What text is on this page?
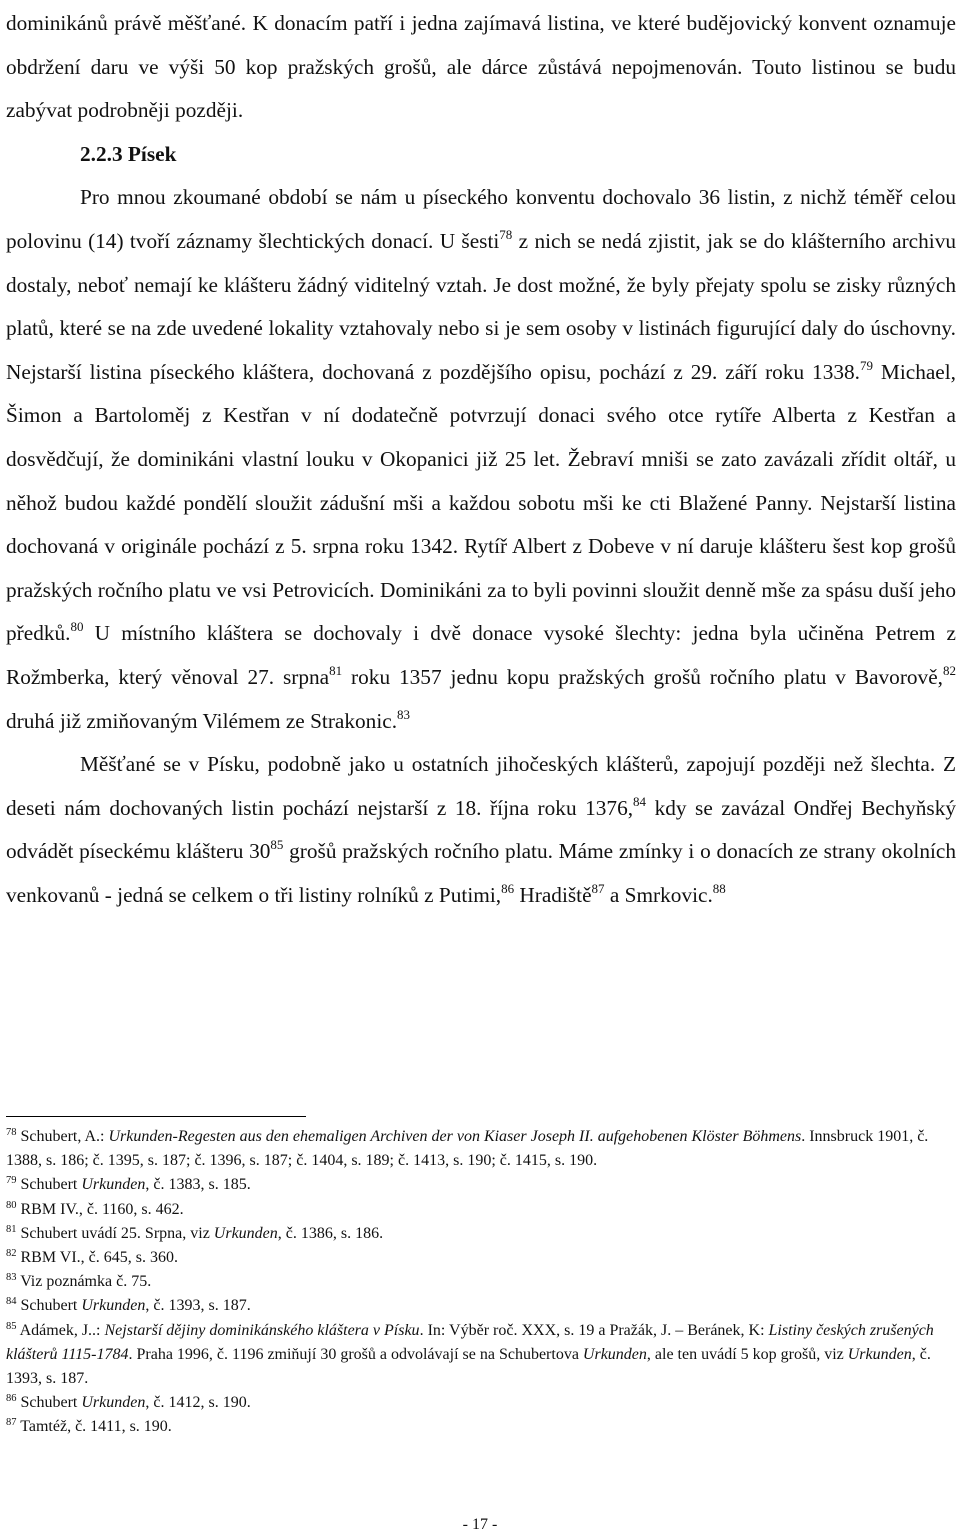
dominikánů právě měšťané. K donacím patří i jedna zajímavá listina, ve které budějovický konvent oznamuje obdržení daru ve výši 50 kop pražských grošů, ale dárce zůstává nepojmenován. Touto listinou se budu zabývat podrobněji později.

2.2.3 Písek

Pro mnou zkoumané období se nám u píseckého konventu dochovalo 36 listin, z nichž téměř celou polovinu (14) tvoří záznamy šlechtických donací. U šesti$^{78}$ z nich se nedá zjistit, jak se do klášterního archivu dostaly, neboť nemají ke klášteru žádný viditelný vztah. Je dost možné, že byly přejaty spolu se zisky různých platů, které se na zde uvedené lokality vztahovaly nebo si je sem osoby v listinách figurující daly do úschovny. Nejstarší listina píseckého kláštera, dochovaná z pozdějšího opisu, pochází z 29. září roku 1338.79 Michael, Šimon a Bartoloměj z Kestřan v ní dodatečně potvrzují donaci svého otce rytíře Alberta z Kestřan a dosvědčují, že dominikáni vlastní louku v Okopanici již 25 let. Žebraví mniši se zato zavázali zřídit oltář, u něhož budou každé pondělí sloužit zádušní mši a každou sobotu mši ke cti Blažené Panny. Nejstarší listina dochovaná v originále pochází z 5. srpna roku 1342. Rytíř Albert z Dobeve v ní daruje klášteru šest kop grošů pražských ročního platu ve vsi Petrovicích. Dominikáni za to byli povinni sloužit denně mše za spásu duší jeho předků.$^{80}$ U místního kláštera se dochovaly i dvě donace vysoké šlechty: jedna byla učiněna Petrem z Rožmberka, který věnoval 27. srpna$^{81}$ roku 1357 jednu kopu pražských grošů ročního platu v Bavorově,$^{82}$ druhá již zmiňovaným Vilémem ze Strakonic.$^{83}$

Měšťané se v Písku, podobně jako u ostatních jihočeských klášterů, zapojují později než šlechta. Z deseti nám dochovaných listin pochází nejstarší z 18. října roku 1376,84 kdy se zavázal Ondřej Bechyňský odvádět píseckému klášteru $30^{85}$ grošů pražských ročního platu. Máme zmínky i o donacích ze strany okolních venkovanů - jedná se celkem o tři listiny rolníků z Putimi,$^{86}$ Hradiště$^{87}$ a Smrkovic.$^{88}$

$^{78}$ Schubert, A.: Urkunden-Regesten aus den ehemaligen Archiven der von Kiaser Joseph II. aufgehobenen Klöster Böhmens. Innsbruck 1901, č. 1388, s. 186; č. 1395, s. 187; č. 1396, s. 187; č. 1404, s. 189; č. 1413, s. 190; č. 1415, s. 190.

$^{79}$ Schubert Urkunden, č. 1383, s. 185.

$^{80}$ RBM IV., č. 1160, s. 462.

$^{81}$ Schubert uvádí 25. Srpna, viz Urkunden, č. 1386, s. 186.

$^{82}$ RBM VI., č. 645, s. 360.

$^{83}$ Viz poznámka č. 75.

$^{84}$ Schubert Urkunden, č. 1393, s. 187.

$^{85}$ Adámek, J..: Nejstarší dějiny dominikánského kláštera v Písku. In: Výběr roč. XXX, s. 19 a Pražák, J. – Beránek, K: Listiny českých zrušených klášterů 1115-1784. Praha 1996, č. 1196 zmiňují 30 grošů a odvolávají se na Schubertova Urkunden, ale ten uvádí 5 kop grošů, viz Urkunden, č. 1393, s. 187.

$^{86}$ Schubert Urkunden, č. 1412, s. 190.

$^{87}$ Tamtéž, č. 1411, s. 190.

- 17 -
